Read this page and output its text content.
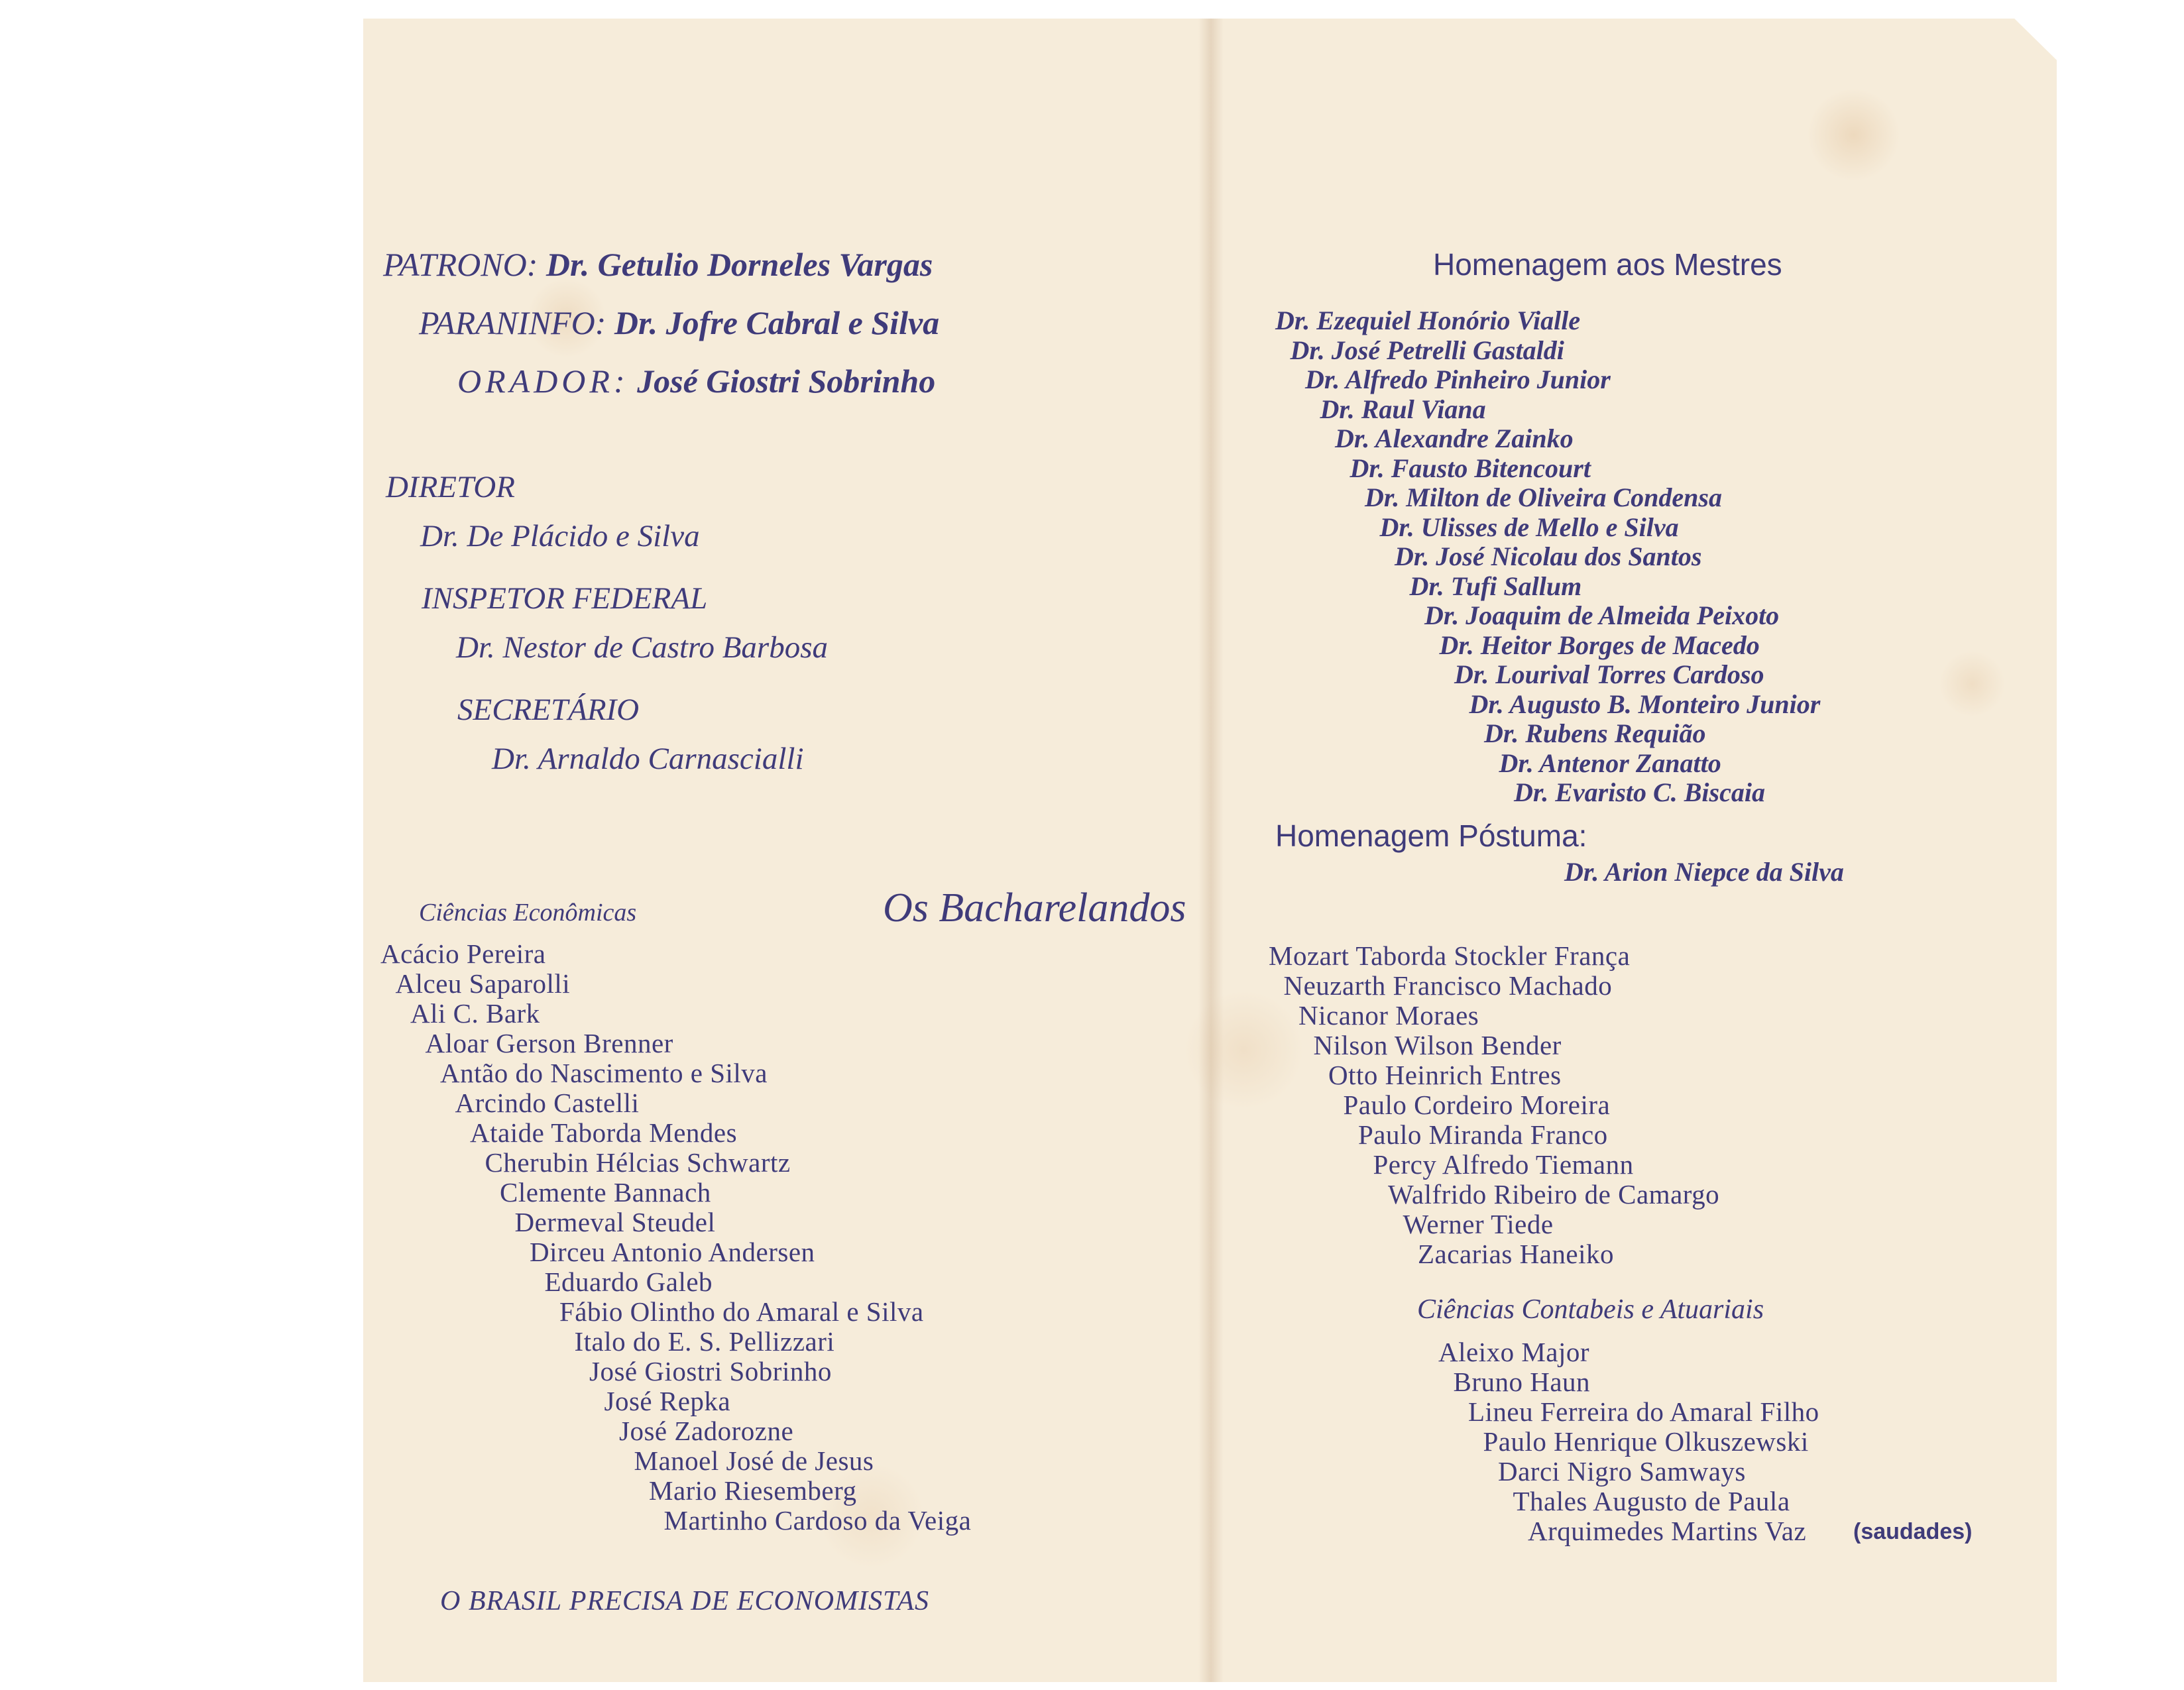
PATRONO: Dr. Getulio Dorneles Vargas
PARANINFO: Dr. Jofre Cabral e Silva
ORADOR: José Giostri Sobrinho
DIRETOR
Dr. De Plácido e Silva
INSPETOR FEDERAL
Dr. Nestor de Castro Barbosa
SECRETÁRIO
Dr. Arnaldo Carnascialli
Ciências Econômicas	Os Bacharelandos
Acácio Pereira
Alceu Saparolli
Ali C. Bark
Aloar Gerson Brenner
Antão do Nascimento e Silva
Arcindo Castelli
Ataide Taborda Mendes
Cherubin Hélcias Schwartz
Clemente Bannach
Dermeval Steudel
Dirceu Antonio Andersen
Eduardo Galeb
Fábio Olintho do Amaral e Silva
Italo do E. S. Pellizzari
José Giostri Sobrinho
José Repka
José Zadorozne
Manoel José de Jesus
Mario Riesemberg
Martinho Cardoso da Veiga
O BRASIL PRECISA DE ECONOMISTAS
Homenagem aos Mestres
Dr. Ezequiel Honório Vialle
Dr. José Petrelli Gastaldi
Dr. Alfredo Pinheiro Junior
Dr. Raul Viana
Dr. Alexandre Zainko
Dr. Fausto Bitencourt
Dr. Milton de Oliveira Condensa
Dr. Ulisses de Mello e Silva
Dr. José Nicolau dos Santos
Dr. Tufi Sallum
Dr. Joaquim de Almeida Peixoto
Dr. Heitor Borges de Macedo
Dr. Lourival Torres Cardoso
Dr. Augusto B. Monteiro Junior
Dr. Rubens Requião
Dr. Antenor Zanatto
Dr. Evaristo C. Biscaia
Homenagem Póstuma:
Dr. Arion Niepce da Silva
Mozart Taborda Stockler França
Neuzarth Francisco Machado
Nicanor Moraes
Nilson Wilson Bender
Otto Heinrich Entres
Paulo Cordeiro Moreira
Paulo Miranda Franco
Percy Alfredo Tiemann
Walfrido Ribeiro de Camargo
Werner Tiede
Zacarias Haneiko
Ciências Contabeis e Atuariais
Aleixo Major
Bruno Haun
Lineu Ferreira do Amaral Filho
Paulo Henrique Olkuszewski
Darci Nigro Samways
Thales Augusto de Paula
Arquimedes Martins Vaz (saudades)
